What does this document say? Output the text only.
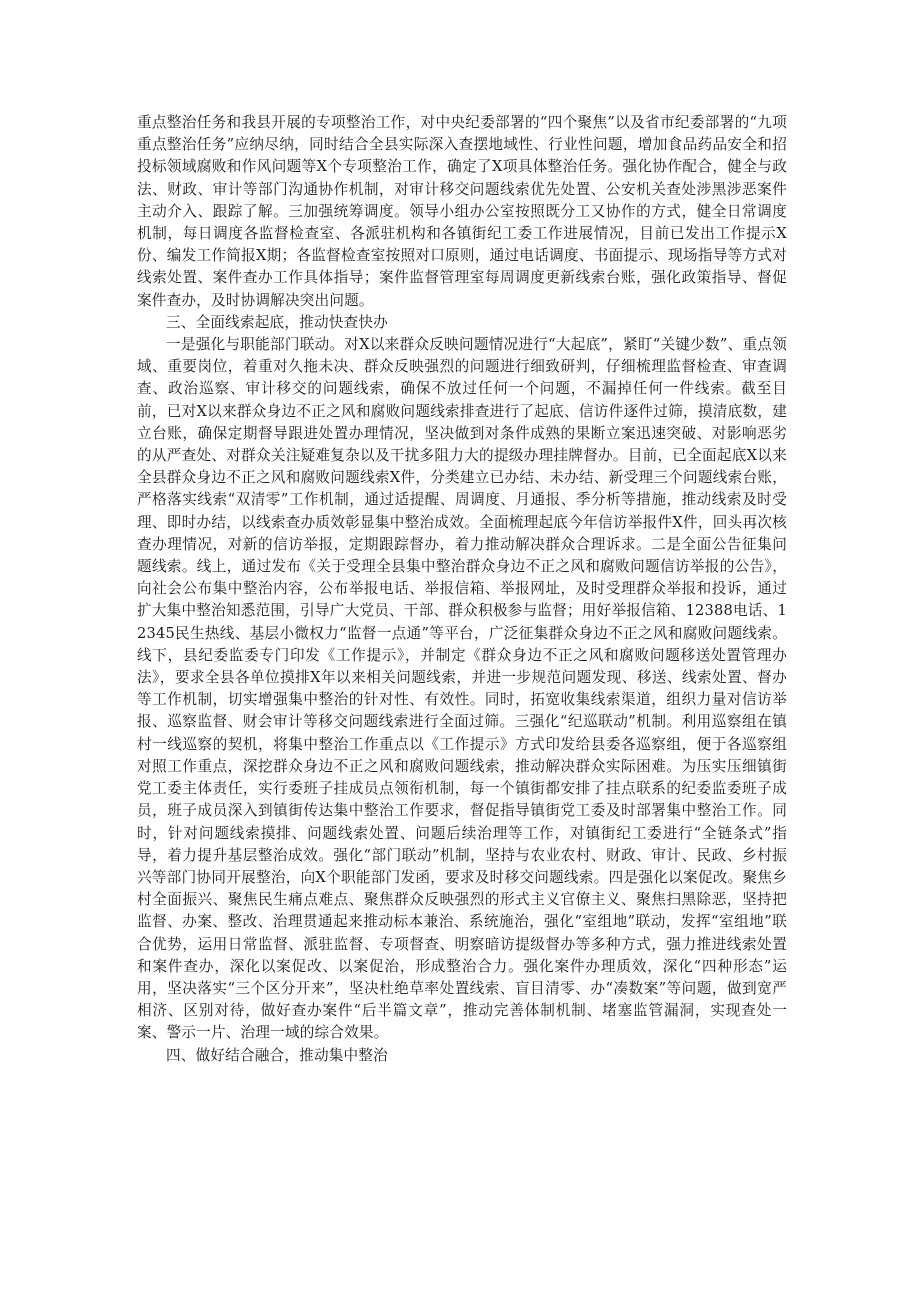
重点整治任务和我县开展的专项整治工作，对中央纪委部署的“四个聚焦”以及省市纪委部署的“九项重点整治任务”应纳尽纳，同时结合全县实际深入查摆地域性、行业性问题，增加食品药品安全和招投标领域腐败和作风问题等X个专项整治工作，确定了X项具体整治任务。强化协作配合，健全与政法、财政、审计等部门沟通协作机制，对审计移交问题线索优先处置、公安机关查处涉黑涉恶案件主动介入、跟踪了解。三加强统筹调度。领导小组办公室按照既分工又协作的方式，健全日常调度机制，每日调度各监督检查室、各派驻机构和各镇街纪工委工作进展情况，目前已发出工作提示X份、编发工作简报X期；各监督检查室按照对口原则，通过电话调度、书面提示、现场指导等方式对线索处置、案件查办工作具体指导；案件监督管理室每周调度更新线索台账，强化政策指导、督促案件查办，及时协调解决突出问题。

三、全面线索起底，推动快查快办

一是强化与职能部门联动。对X以来群众反映问题情况进行“大起底”，紧盯“关键少数”、重点领域、重要岗位，着重对久拖未决、群众反映强烈的问题进行细致研判，仔细梳理监督检查、审查调查、政治巡察、审计移交的问题线索，确保不放过任何一个问题，不漏掉任何一件线索。截至目前，已对X以来群众身边不正之风和腐败问题线索排查进行了起底、信访件逐件过筛，摸清底数，建立台账，确保定期督导跟进处置办理情况，坚决做到对条件成熟的果断立案迅速突破、对影响恶劣的从严查处、对群众关注疑难复杂以及干扰多阻力大的提级办理挂牌督办。目前，已全面起底X以来全县群众身边不正之风和腐败问题线索X件，分类建立已办结、未办结、新受理三个问题线索台账，严格落实线索“双清零”工作机制，通过适提醒、周调度、月通报、季分析等措施，推动线索及时受理、即时办结，以线索查办质效彰显集中整治成效。全面梳理起底今年信访举报件X件，回头再次核查办理情况，对新的信访举报，定期跟踪督办，着力推动解决群众合理诉求。二是全面公告征集问题线索。线上，通过发布《关于受理全县集中整治群众身边不正之风和腐败问题信访举报的公告》，向社会公布集中整治内容，公布举报电话、举报信箱、举报网址，及时受理群众举报和投诉，通过扩大集中整治知悉范围，引导广大党员、干部、群众积极参与监督；用好举报信箱、12388电话、12345民生热线、基层小微权力“监督一点通”等平台，广泛征集群众身边不正之风和腐败问题线索。线下，县纪委监委专门印发《工作提示》，并制定《群众身边不正之风和腐败问题移送处置管理办法》，要求全县各单位摸排X年以来相关问题线索，并进一步规范问题发现、移送、线索处置、督办等工作机制，切实增强集中整治的针对性、有效性。同时，拓宽收集线索渠道，组织力量对信访举报、巡察监督、财会审计等移交问题线索进行全面过筛。三强化“纪巡联动”机制。利用巡察组在镇村一线巡察的契机，将集中整治工作重点以《工作提示》方式印发给县委各巡察组，便于各巡察组对照工作重点，深挖群众身边不正之风和腐败问题线索，推动解决群众实际困难。为压实压细镇街党工委主体责任，实行委班子挂成员点领衔机制，每一个镇街都安排了挂点联系的纪委监委班子成员，班子成员深入到镇街传达集中整治工作要求，督促指导镇街党工委及时部署集中整治工作。同时，针对问题线索摸排、问题线索处置、问题后续治理等工作，对镇街纪工委进行“全链条式”指导，着力提升基层整治成效。强化“部门联动”机制，坚持与农业农村、财政、审计、民政、乡村振兴等部门协同开展整治，向X个职能部门发函，要求及时移交问题线索。四是强化以案促改。聚焦乡村全面振兴、聚焦民生痛点难点、聚焦群众反映强烈的形式主义官僚主义、聚焦扫黑除恶，坚持把监督、办案、整改、治理贯通起来推动标本兼治、系统施治，强化“室组地”联动，发挥“室组地”联合优势，运用日常监督、派驻监督、专项督查、明察暗访提级督办等多种方式，强力推进线索处置和案件查办，深化以案促改、以案促治，形成整治合力。强化案件办理质效，深化“四种形态”运用，坚决落实“三个区分开来”，坚决杜绝草率处置线索、盲目清零、办“凑数案”等问题，做到宽严相济、区别对待，做好查办案件“后半篇文章”，推动完善体制机制、堵塞监管漏洞，实现查处一案、警示一片、治理一域的综合效果。

四、做好结合融合，推动集中整治
